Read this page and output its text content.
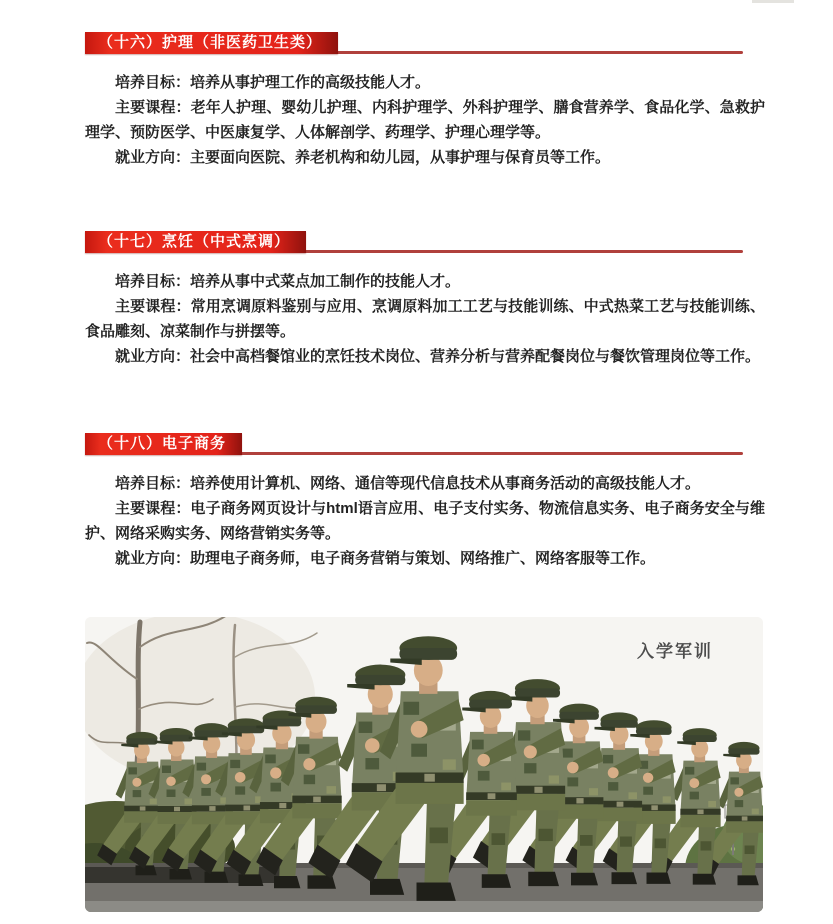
（十六）护理（非医药卫生类）

培养目标：培养从事护理工作的高级技能人才。

主要课程：老年人护理、婴幼儿护理、内科护理学、外科护理学、膳食营养学、食品化学、急救护理学、预防医学、中医康复学、人体解剖学、药理学、护理心理学等。

就业方向：主要面向医院、养老机构和幼儿园，从事护理与保育员等工作。

（十七）烹饪（中式烹调）

培养目标：培养从事中式菜点加工制作的技能人才。

主要课程：常用烹调原料鉴别与应用、烹调原料加工工艺与技能训练、中式热菜工艺与技能训练、食品雕刻、凉菜制作与拼摆等。

就业方向：社会中高档餐馆业的烹饪技术岗位、营养分析与营养配餐岗位与餐饮管理岗位等工作。

（十八）电子商务

培养目标：培养使用计算机、网络、通信等现代信息技术从事商务活动的高级技能人才。

主要课程：电子商务网页设计与html语言应用、电子支付实务、物流信息实务、电子商务安全与维护、网络采购实务、网络营销实务等。

就业方向：助理电子商务师，电子商务营销与策划、网络推广、网络客服等工作。

入学军训
